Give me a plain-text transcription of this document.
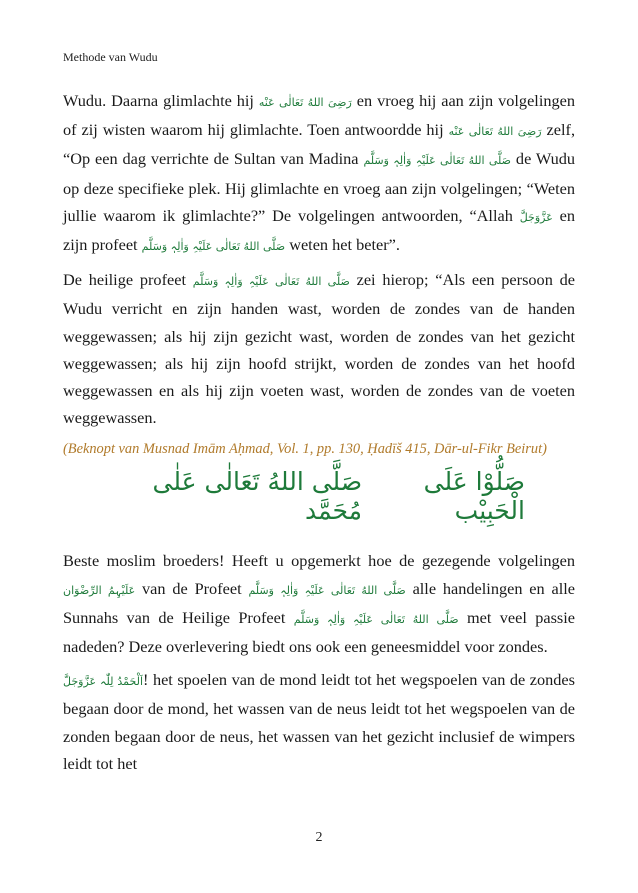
Methode van Wudu

Wudu. Daarna glimlachte hij رَضِیَ اللهُ تَعَالٰی عَنْه en vroeg hij aan zijn volgelingen of zij wisten waarom hij glimlachte. Toen antwoordde hij رَضِیَ اللهُ تَعَالٰی عَنْه zelf, “Op een dag verrichte de Sultan van Madina صَلَّی اللهُ تَعَالٰی عَلَیْہِ وَاٰلِہٖ وَسَلَّم de Wudu op deze specifieke plek. Hij glimlachte en vroeg aan zijn volgelingen; “Weten jullie waarom ik glimlachte?” De volgelingen antwoorden, “Allah عَزَّوَجَلَّ en zijn profeet صَلَّی اللهُ تَعَالٰی عَلَیْہِ وَاٰلِہٖ وَسَلَّم weten het beter”.

De heilige profeet صَلَّی اللهُ تَعَالٰی عَلَیْہِ وَاٰلِہٖ وَسَلَّم zei hierop; “Als een persoon de Wudu verricht en zijn handen wast, worden de zondes van de handen weggewassen; als hij zijn gezicht wast, worden de zondes van het gezicht weggewassen; als hij zijn hoofd strijkt, worden de zondes van het hoofd weggewassen en als hij zijn voeten wast, worden de zondes van de voeten weggewassen.

(Beknopt van Musnad Imām Aḥmad, Vol. 1, pp. 130, Ḥadīš 415, Dār-ul-Fikr Beirut)

صَلَّی اللهُ تَعَالٰی عَلٰی مُحَمَّد
صَلُّوْا عَلَی الْحَبِیْب

Beste moslim broeders! Heeft u opgemerkt hoe de gezegende volgelingen عَلَیْہِمُ الرِّضْوَان van de Profeet صَلَّی اللهُ تَعَالٰی عَلَیْہِ وَاٰلِہٖ وَسَلَّم alle handelingen en alle Sunnahs van de Heilige Profeet صَلَّی اللهُ تَعَالٰی عَلَیْہِ وَاٰلِہٖ وَسَلَّم met veel passie nadeden? Deze overlevering biedt ons ook een geneesmiddel voor zondes.

اَلْحَمْدُ لِلّٰہ عَزَّوَجَلَّ! het spoelen van de mond leidt tot het wegspoelen van de zondes begaan door de mond, het wassen van de neus leidt tot het wegspoelen van de zonden begaan door de neus, het wassen van het gezicht inclusief de wimpers leidt tot het

2
